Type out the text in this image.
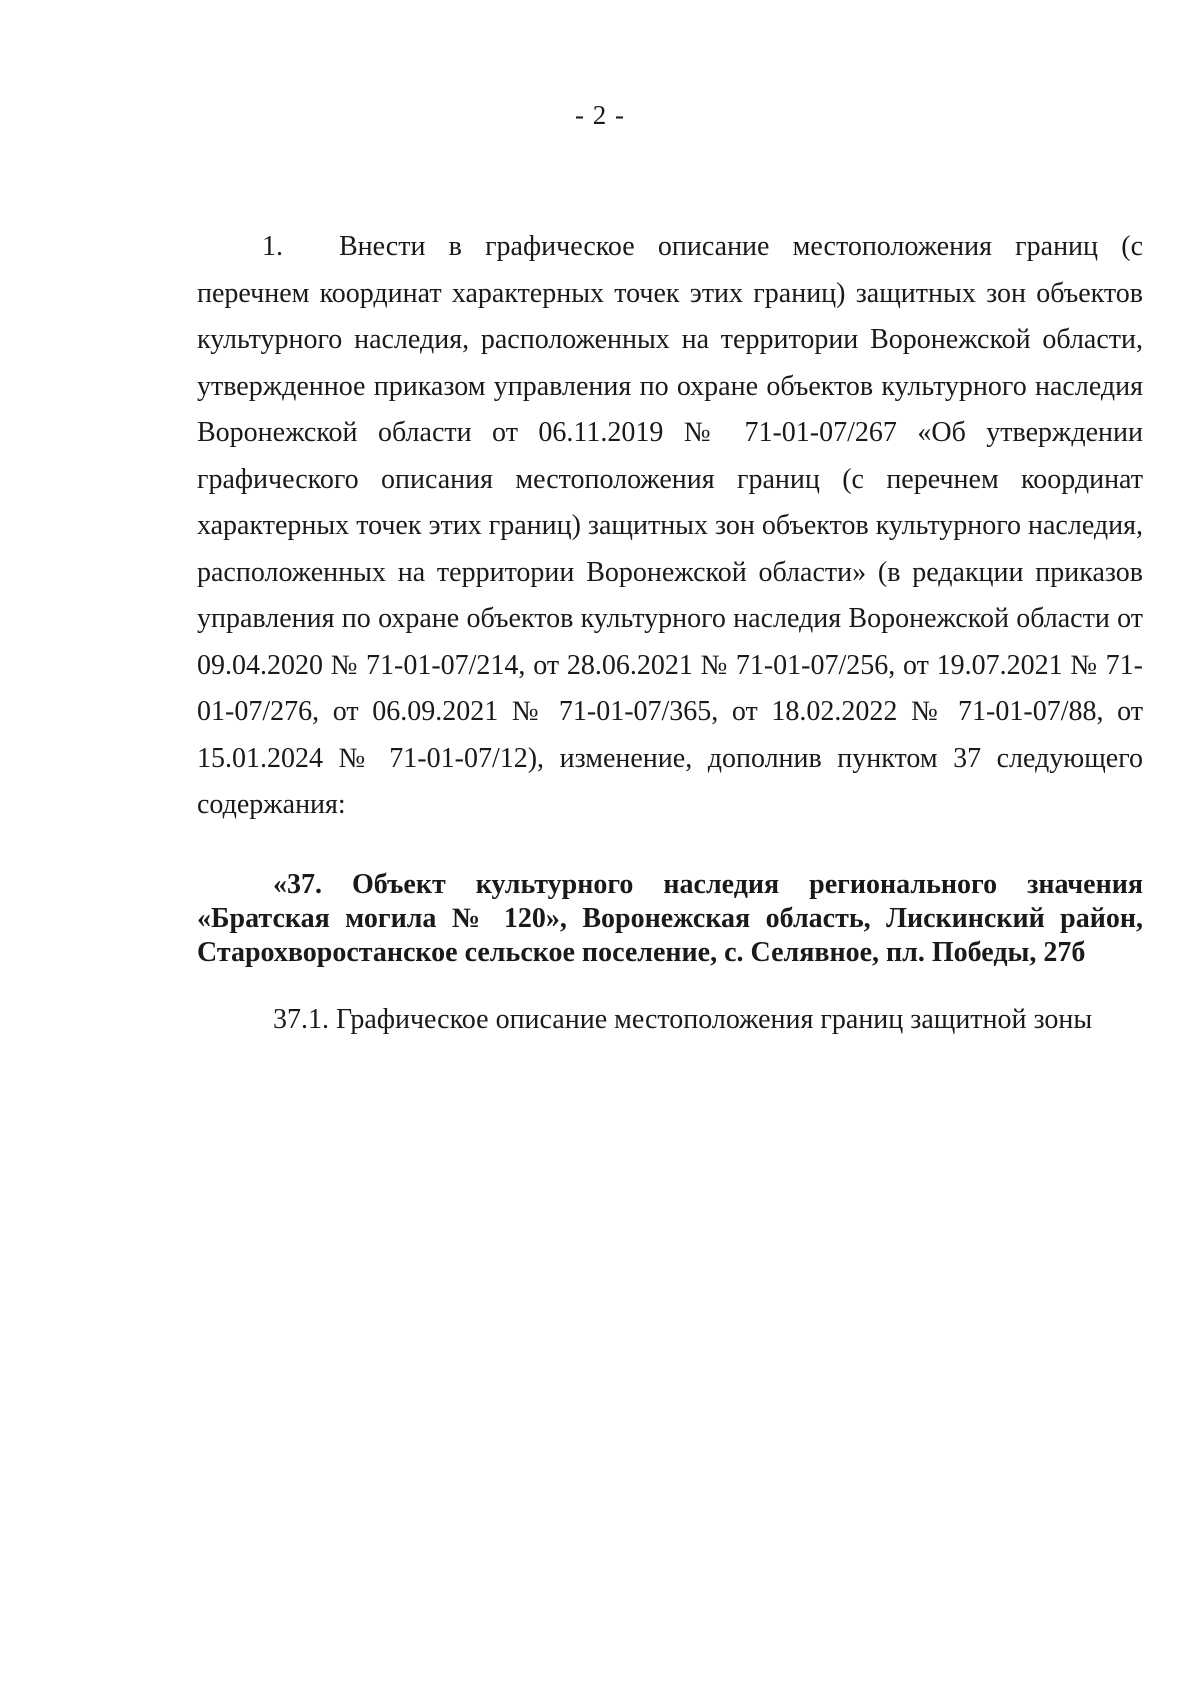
- 2 -
1.	Внести в графическое описание местоположения границ (с перечнем координат характерных точек этих границ) защитных зон объектов культурного наследия, расположенных на территории Воронежской области, утвержденное приказом управления по охране объектов культурного наследия Воронежской области от 06.11.2019 № 71-01-07/267 «Об утверждении графического описания местоположения границ (с перечнем координат характерных точек этих границ) защитных зон объектов культурного наследия, расположенных на территории Воронежской области» (в редакции приказов управления по охране объектов культурного наследия Воронежской области от 09.04.2020 № 71-01-07/214, от 28.06.2021 № 71-01-07/256, от 19.07.2021 № 71-01-07/276, от 06.09.2021 № 71-01-07/365, от 18.02.2022 № 71-01-07/88, от 15.01.2024 № 71-01-07/12), изменение, дополнив пунктом 37 следующего содержания:

«37. Объект культурного наследия регионального значения «Братская могила № 120», Воронежская область, Лискинский район, Старохворостанское сельское поселение, с. Селявное, пл. Победы, 27б

37.1. Графическое описание местоположения границ защитной зоны
